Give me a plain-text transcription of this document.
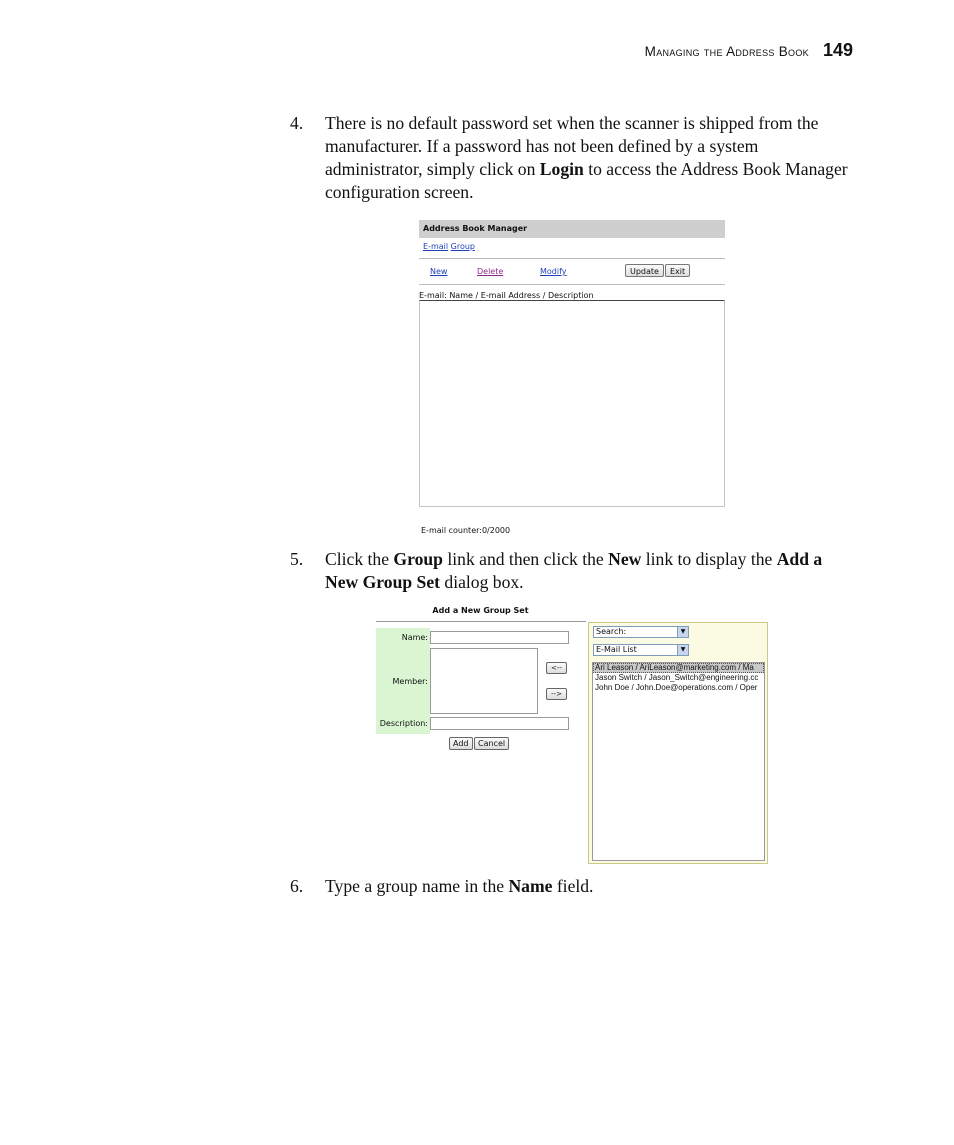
Managing the Address Book 149
4. There is no default password set when the scanner is shipped from the manufacturer. If a password has not been defined by a system administrator, simply click on Login to access the Address Book Manager configuration screen.
Address Book Manager
E-mail Group
New	Delete	Modify	Update	Exit
E-mail: Name / E-mail Address / Description
E-mail counter:0/2000
5. Click the Group link and then click the New link to display the Add a New Group Set dialog box.
Add a New Group Set
Name:
Member:
<--
-->
Description:
Add	Cancel
Search:	▼
E-Mail List	▼
Ari Leason / AriLeason@marketing.com / Ma
Jason Switch / Jason_Switch@engineering.cc
John Doe / John.Doe@operations.com / Oper
6. Type a group name in the Name field.
